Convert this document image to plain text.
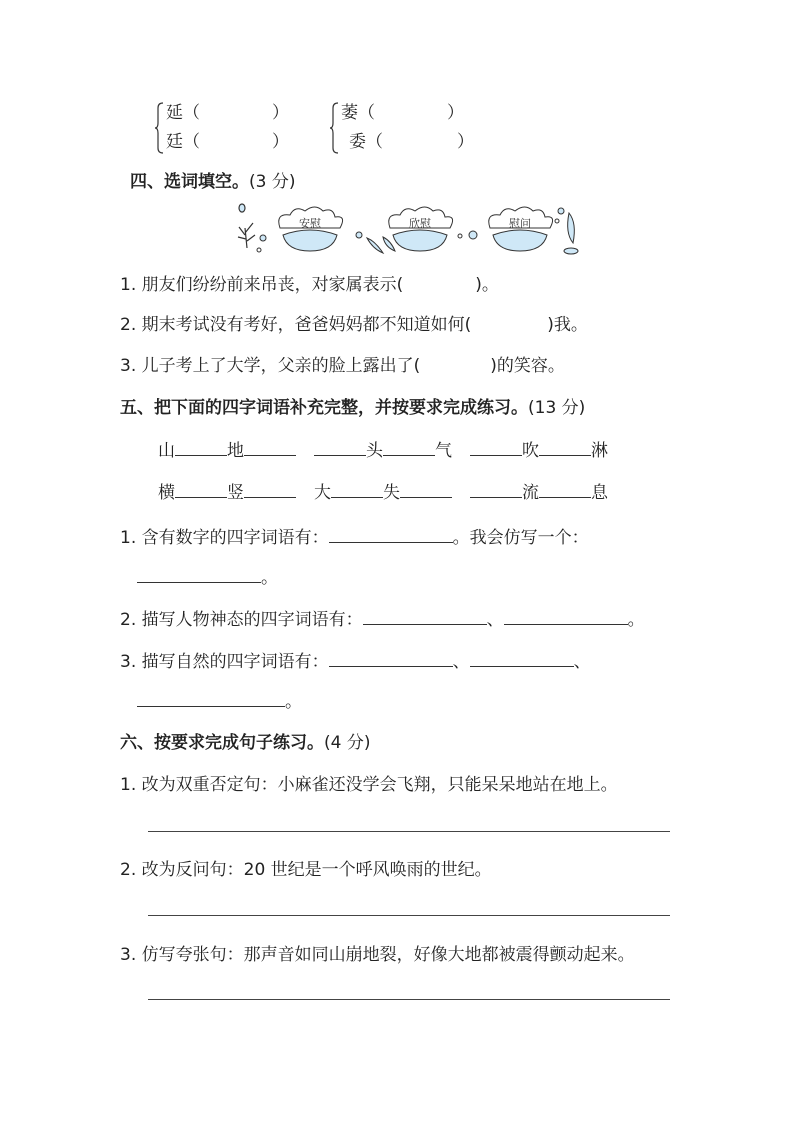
延（	）
廷（	）
萎（	）
委（	）
四、选词填空。(3 分)
安慰	欣慰	慰问
1. 朋友们纷纷前来吊丧，对家属表示(	)。
2. 期末考试没有考好，爸爸妈妈都不知道如何(	)我。
3. 儿子考上了大学，父亲的脸上露出了(	)的笑容。
五、把下面的四字词语补充完整，并按要求完成练习。(13 分)
山	地	头	气	吹	淋
横	竖	大	失	流	息
1. 含有数字的四字词语有：	。我会仿写一个：
。
2. 描写人物神态的四字词语有：	、	。
3. 描写自然的四字词语有：	、	、
。
六、按要求完成句子练习。(4 分)
1. 改为双重否定句：小麻雀还没学会飞翔，只能呆呆地站在地上。
2. 改为反问句：20 世纪是一个呼风唤雨的世纪。
3. 仿写夸张句：那声音如同山崩地裂，好像大地都被震得颤动起来。
